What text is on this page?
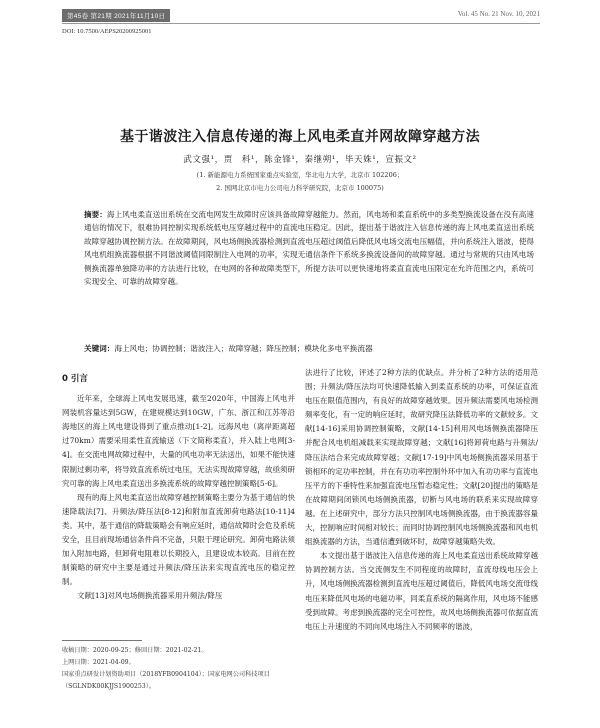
第45卷 第21期 2021年11月10日	Vol. 45 No. 21 Nov. 10, 2021
DOI: 10.7500/AEPS20200925001
基于谐波注入信息传递的海上风电柔直并网故障穿越方法
武文强¹，贾　科¹，陈金锋¹，秦继朔¹，毕天姝¹，宣振文²
(1. 新能源电力系统国家重点实验室，华北电力大学，北京市 102206；
2. 国网北京市电力公司电力科学研究院，北京市 100075)
摘要：海上风电柔直送出系统在交流电网发生故障时应该具备故障穿越能力。然而，风电场和柔直系统中的多类型换流设备在没有高速通信的情况下，很难协同控制实现系统低电压穿越过程中的直流电压稳定。因此，提出基于谐波注入信息传递的海上风电柔直送出系统故障穿越协调控制方法。在故障期间，风电场侧换流器检测到直流电压超过阈值后降低风电场交流电压幅值，并向系统注入谐波，使得风电机组换流器根据不同谐波阈值同限制注入电网的功率，实现无通信条件下系统多换流设备间的故障穿越。通过与常规的只由风电场侧换流器单独降功率的方法进行比较，在电网的各种故障类型下，所提方法可以更快速地将柔直直流电压限定在允许范围之内，系统可实现安全、可靠的故障穿越。
关键词：海上风电；协调控制；谐波注入；故障穿越；降压控制；模块化多电平换流器
0 引言

近年来，全球海上风电发展迅速，截至2020年，中国海上风电并网装机容量达到5GW，在建规模达到10GW，广东、浙江和江苏等沿海地区的海上风电建设得到了重点推动[1-2]。远海风电（离岸距离超过70km）需要采用柔性直流输送（下文简称柔直），并入陆上电网[3-4]。在交流电网故障过程中，大量的风电功率无法送出，如果不能快速限制过剩功率，将导致直流系统过电压，无法实现故障穿越，故亟须研究可靠的海上风电柔直送出多换流系统的故障穿越控制策略[5-6]。

现有的海上风电柔直送出故障穿越控制策略主要分为基于通信的快速降载法[7]、升频法/降压法[8-12]和附加直流卸荷电路法[10-11]4类。其中，基于通信的降载策略会有响应延时，通信故障时会危及系统安全，且目前现场通信条件尚不完备，只限于理论研究。卸荷电路法须加入附加电路，但卸荷电阻难以长期投入，且建设成本较高。目前在控制策略的研究中主要是通过升频法/降压法来实现直流电压的稳定控制。

文献[13]对风电场侧换流器采用升频法/降压

法进行了比较，评述了2种方法的优缺点。并分析了2种方法的适用范围；升频法/降压法均可快速降低输入到柔直系统的功率，可保证直流电压在限值范围内，有良好的故障穿越效果。因升频法需要风电场检测频率变化，有一定的响应延时，故研究降压法降低功率的文献较多。文献[14-16]采用协调控制策略，文献[14-15]利用风电场侧换流器降压并配合风电机组减载来实现故障穿越；文献[16]将卸荷电路与升频法/降压法结合来完成故障穿越；文献[17-19]中风电场侧换流器采用基于锁相环的定功率控制，并在有功功率控制外环中加入有功功率与直流电压平方的下垂特性来加强直流电压暂态稳定性；文献[20]提出的策略是在故障期间闭锁风电场侧换流器，切断与风电场的联系来实现故障穿越。在上述研究中，部分方法只控制风电场侧换流器，由于换流器容量大，控制响应时间相对较长；而同时协调控制风电场侧换流器和风电机组换流器的方法，当通信遭到破坏时，故障穿越策略失效。

本文提出基于谐波注入信息传递的海上风电柔直送出系统故障穿越协调控制方法。当交流侧发生不同程度的故障时，直流母线电压会上升，风电场侧换流器检测到直流电压超过阈值后，降低风电场交流母线电压来降低风电场的电磁功率，同柔直系统的隔离作用，风电场不能感受到故障。考虑到换流器的完全可控性，故风电场侧换流器可依据直流电压上升速度的不同向风电场注入不同频率的谐波，

收稿日期：2020-09-25；修回日期：2021-02-21。
上网日期：2021-04-09。
国家重点研发计划资助项目（2018YFB0904104）；国家电网公司科技项目（SGLNDK00KJJS1900253）。
